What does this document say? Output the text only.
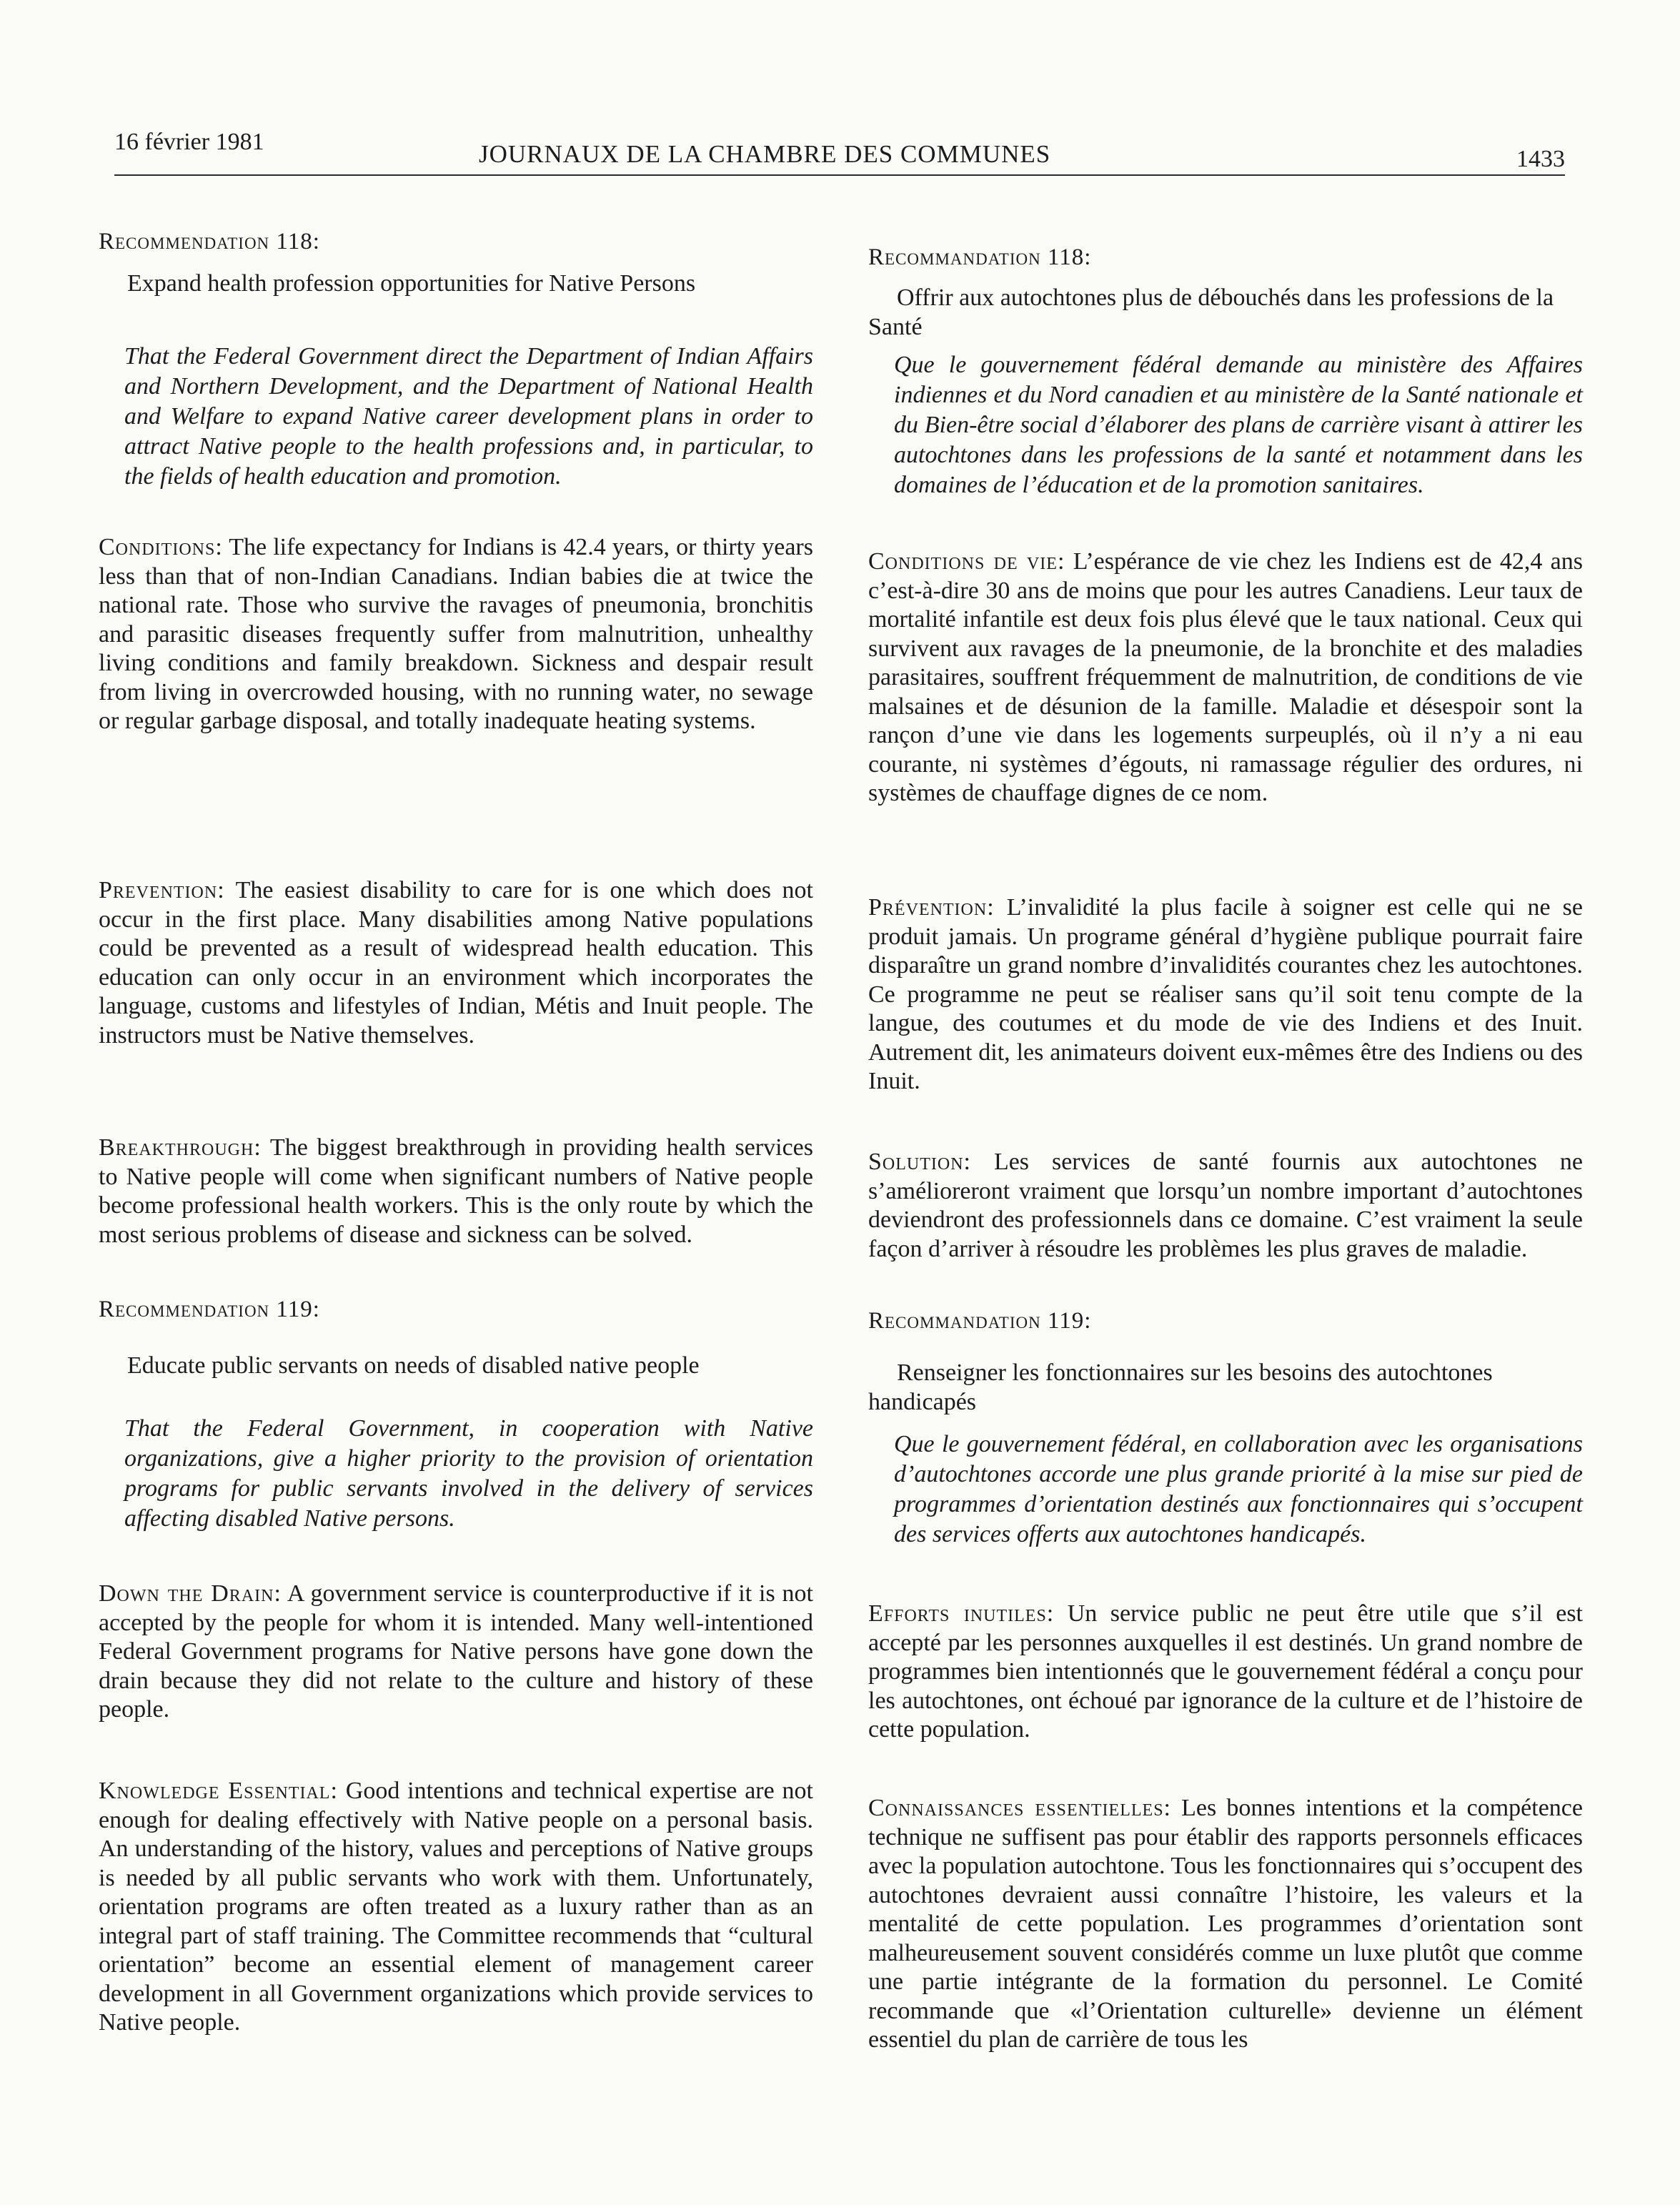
16 février 1981	JOURNAUX DE LA CHAMBRE DES COMMUNES	1433
Recommendation 118:
Expand health profession opportunities for Native Persons
That the Federal Government direct the Department of Indian Affairs and Northern Development, and the Department of National Health and Welfare to expand Native career development plans in order to attract Native people to the health professions and, in particular, to the fields of health education and promotion.

Conditions: The life expectancy for Indians is 42.4 years, or thirty years less than that of non-Indian Canadians. Indian babies die at twice the national rate. Those who survive the ravages of pneumonia, bronchitis and parasitic diseases frequently suffer from malnutrition, unhealthy living conditions and family breakdown. Sickness and despair result from living in overcrowded housing, with no running water, no sewage or regular garbage disposal, and totally inadequate heating systems.

Prevention: The easiest disability to care for is one which does not occur in the first place. Many disabilities among Native populations could be prevented as a result of widespread health education. This education can only occur in an environment which incorporates the language, customs and lifestyles of Indian, Métis and Inuit people. The instructors must be Native themselves.

Breakthrough: The biggest breakthrough in providing health services to Native people will come when significant numbers of Native people become professional health workers. This is the only route by which the most serious problems of disease and sickness can be solved.

Recommendation 119:
Educate public servants on needs of disabled native people
That the Federal Government, in cooperation with Native organizations, give a higher priority to the provision of orientation programs for public servants involved in the delivery of services affecting disabled Native persons.

Down the Drain: A government service is counterproductive if it is not accepted by the people for whom it is intended. Many well-intentioned Federal Government programs for Native persons have gone down the drain because they did not relate to the culture and history of these people.

Knowledge Essential: Good intentions and technical expertise are not enough for dealing effectively with Native people on a personal basis. An understanding of the history, values and perceptions of Native groups is needed by all public servants who work with them. Unfortunately, orientation programs are often treated as a luxury rather than as an integral part of staff training. The Committee recommends that “cultural orientation” become an essential element of management career development in all Government organizations which provide services to Native people.

Recommandation 118:
Offrir aux autochtones plus de débouchés dans les professions de la Santé
Que le gouvernement fédéral demande au ministère des Affaires indiennes et du Nord canadien et au ministère de la Santé nationale et du Bien-être social d’élaborer des plans de carrière visant à attirer les autochtones dans les professions de la santé et notamment dans les domaines de l’éducation et de la promotion sanitaires.

Conditions de vie: L’espérance de vie chez les Indiens est de 42,4 ans c’est-à-dire 30 ans de moins que pour les autres Canadiens. Leur taux de mortalité infantile est deux fois plus élevé que le taux national. Ceux qui survivent aux ravages de la pneumonie, de la bronchite et des maladies parasitaires, souffrent fréquemment de malnutrition, de conditions de vie malsaines et de désunion de la famille. Maladie et désespoir sont la rançon d’une vie dans les logements surpeuplés, où il n’y a ni eau courante, ni systèmes d’égouts, ni ramassage régulier des ordures, ni systèmes de chauffage dignes de ce nom.

Prévention: L’invalidité la plus facile à soigner est celle qui ne se produit jamais. Un programe général d’hygiène publique pourrait faire disparaître un grand nombre d’invalidités courantes chez les autochtones. Ce programme ne peut se réaliser sans qu’il soit tenu compte de la langue, des coutumes et du mode de vie des Indiens et des Inuit. Autrement dit, les animateurs doivent eux-mêmes être des Indiens ou des Inuit.

Solution: Les services de santé fournis aux autochtones ne s’amélioreront vraiment que lorsqu’un nombre important d’autochtones deviendront des professionnels dans ce domaine. C’est vraiment la seule façon d’arriver à résoudre les problèmes les plus graves de maladie.

Recommandation 119:
Renseigner les fonctionnaires sur les besoins des autochtones handicapés
Que le gouvernement fédéral, en collaboration avec les organisations d’autochtones accorde une plus grande priorité à la mise sur pied de programmes d’orientation destinés aux fonctionnaires qui s’occupent des services offerts aux autochtones handicapés.

Efforts inutiles: Un service public ne peut être utile que s’il est accepté par les personnes auxquelles il est destinés. Un grand nombre de programmes bien intentionnés que le gouvernement fédéral a conçu pour les autochtones, ont échoué par ignorance de la culture et de l’histoire de cette population.

Connaissances essentielles: Les bonnes intentions et la compétence technique ne suffisent pas pour établir des rapports personnels efficaces avec la population autochtone. Tous les fonctionnaires qui s’occupent des autochtones devraient aussi connaître l’histoire, les valeurs et la mentalité de cette population. Les programmes d’orientation sont malheureusement souvent considérés comme un luxe plutôt que comme une partie intégrante de la formation du personnel. Le Comité recommande que «l’Orientation culturelle» devienne un élément essentiel du plan de carrière de tous les
